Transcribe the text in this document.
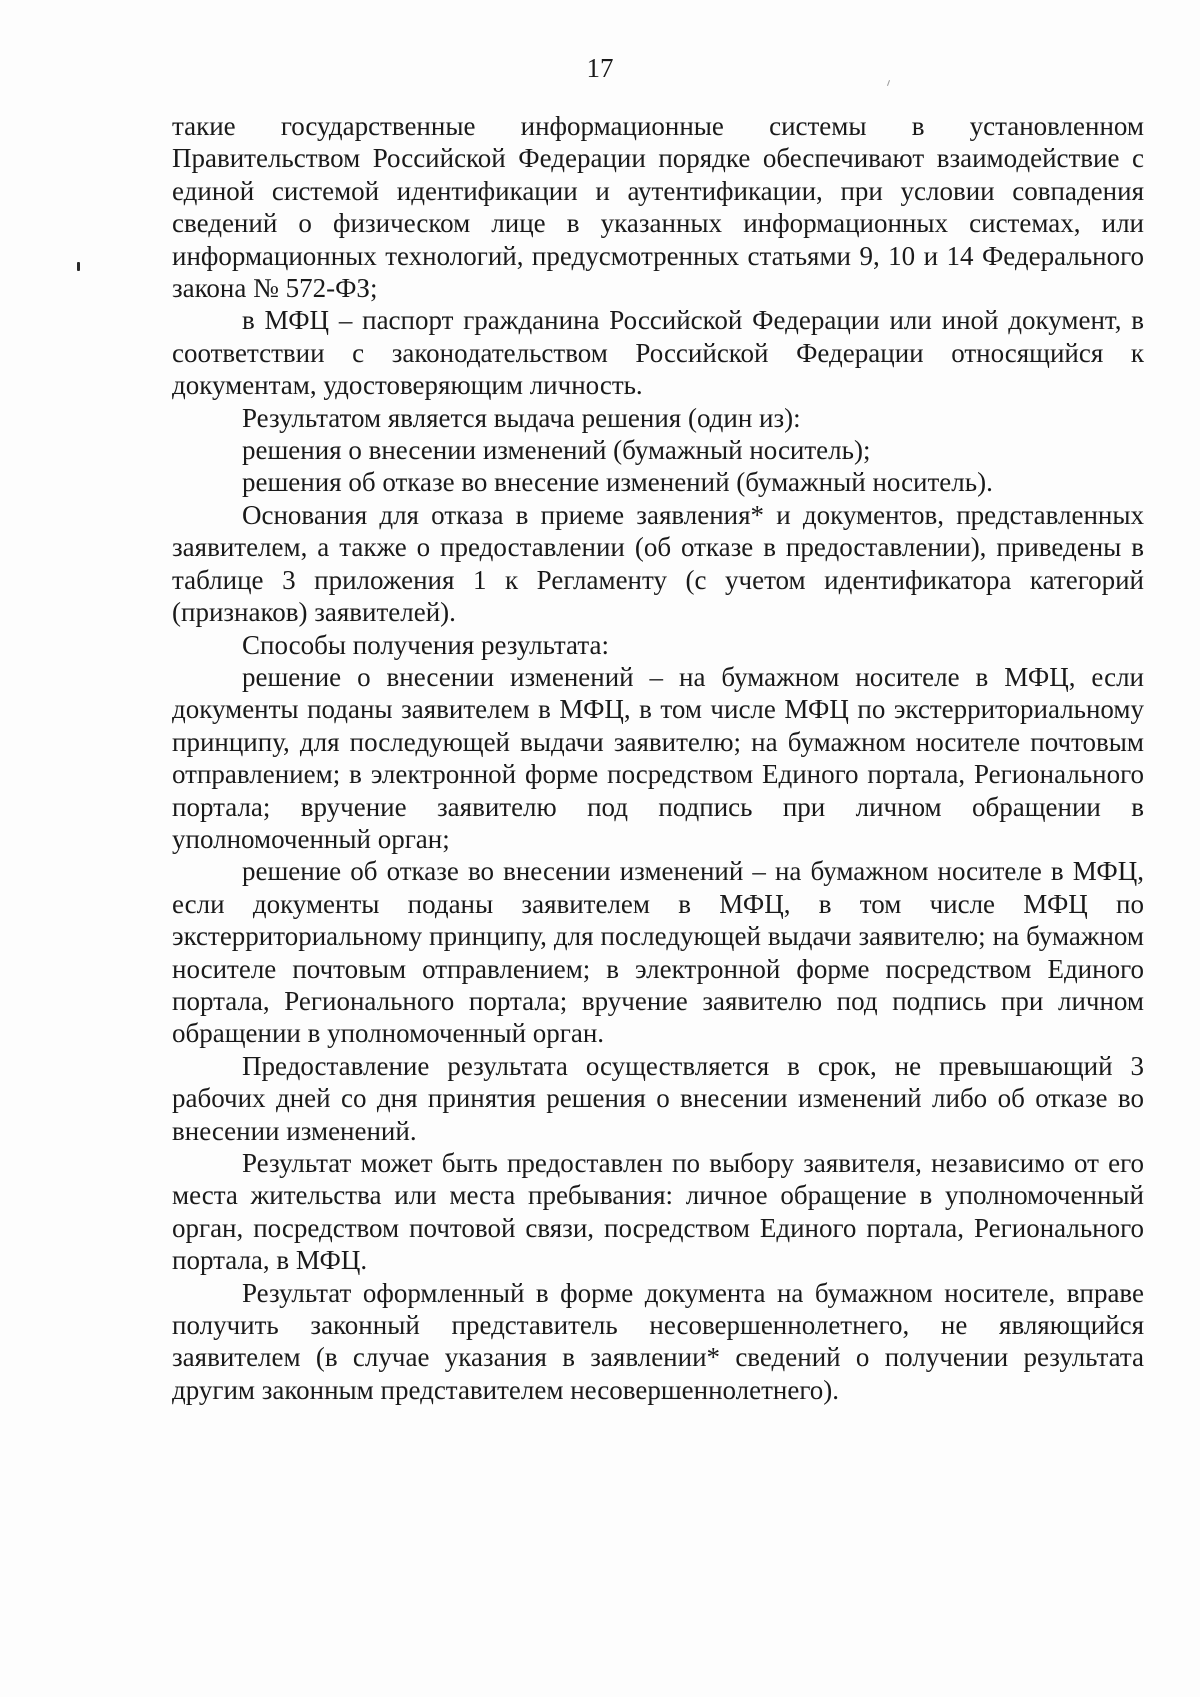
17

такие государственные информационные системы в установленном Правительством Российской Федерации порядке обеспечивают взаимодействие с единой системой идентификации и аутентификации, при условии совпадения сведений о физическом лице в указанных информационных системах, или информационных технологий, предусмотренных статьями 9, 10 и 14 Федерального закона № 572-ФЗ;

в МФЦ – паспорт гражданина Российской Федерации или иной документ, в соответствии с законодательством Российской Федерации относящийся к документам, удостоверяющим личность.

Результатом является выдача решения (один из):

решения о внесении изменений (бумажный носитель);

решения об отказе во внесение изменений (бумажный носитель).

Основания для отказа в приеме заявления* и документов, представленных заявителем, а также о предоставлении (об отказе в предоставлении), приведены в таблице 3 приложения 1 к Регламенту (с учетом идентификатора категорий (признаков) заявителей).

Способы получения результата:

решение о внесении изменений – на бумажном носителе в МФЦ, если документы поданы заявителем в МФЦ, в том числе МФЦ по экстерриториальному принципу, для последующей выдачи заявителю; на бумажном носителе почтовым отправлением; в электронной форме посредством Единого портала, Регионального портала; вручение заявителю под подпись при личном обращении в уполномоченный орган;

решение об отказе во внесении изменений – на бумажном носителе в МФЦ, если документы поданы заявителем в МФЦ, в том числе МФЦ по экстерриториальному принципу, для последующей выдачи заявителю; на бумажном носителе почтовым отправлением; в электронной форме посредством Единого портала, Регионального портала; вручение заявителю под подпись при личном обращении в уполномоченный орган.

Предоставление результата осуществляется в срок, не превышающий 3 рабочих дней со дня принятия решения о внесении изменений либо об отказе во внесении изменений.

Результат может быть предоставлен по выбору заявителя, независимо от его места жительства или места пребывания: личное обращение в уполномоченный орган, посредством почтовой связи, посредством Единого портала, Регионального портала, в МФЦ.

Результат оформленный в форме документа на бумажном носителе, вправе получить законный представитель несовершеннолетнего, не являющийся заявителем (в случае указания в заявлении* сведений о получении результата другим законным представителем несовершеннолетнего).
